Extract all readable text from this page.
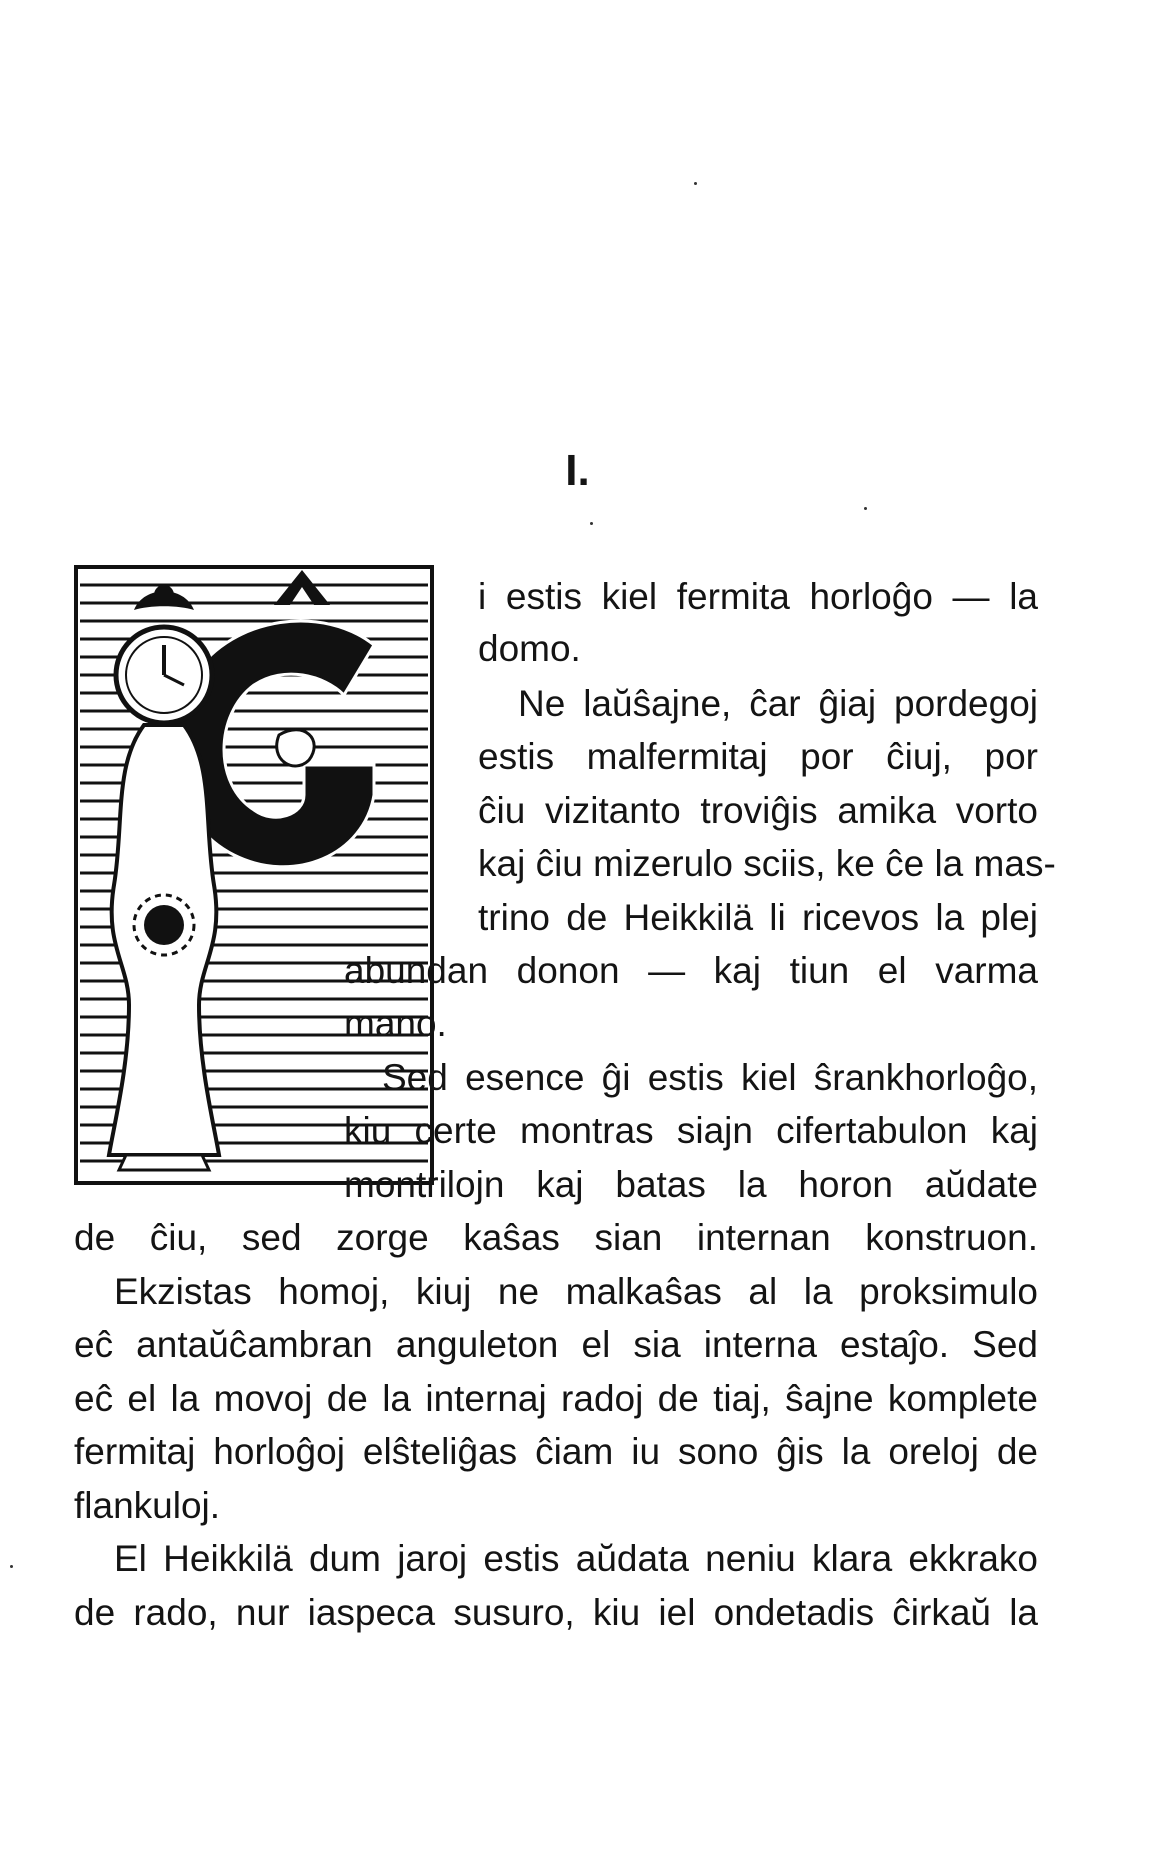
I.
i estis kiel fermita horloĝo — la
domo.
Ne laŭŝajne, ĉar ĝiaj pordegoj
estis malfermitaj por ĉiuj, por
ĉiu vizitanto troviĝis amika vorto
kaj ĉiu mizerulo sciis, ke ĉe la mas-
trino de Heikkilä li ricevos la plej
abundan donon — kaj tiun el varma
mano.
Sed esence ĝi estis kiel ŝrankhorloĝo,
kiu certe montras siajn cifertabulon kaj
montrilojn kaj batas la horon aŭdate
de ĉiu, sed zorge kaŝas sian internan konstruon.
Ekzistas homoj, kiuj ne malkaŝas al la proksimulo
eĉ antaŭĉambran anguleton el sia interna estaĵo. Sed
eĉ el la movoj de la internaj radoj de tiaj, ŝajne komplete
fermitaj horloĝoj elŝteliĝas ĉiam iu sono ĝis la oreloj de
flankuloj.
El Heikkilä dum jaroj estis aŭdata neniu klara ekkrako
de rado, nur iaspeca susuro, kiu iel ondetadis ĉirkaŭ la
